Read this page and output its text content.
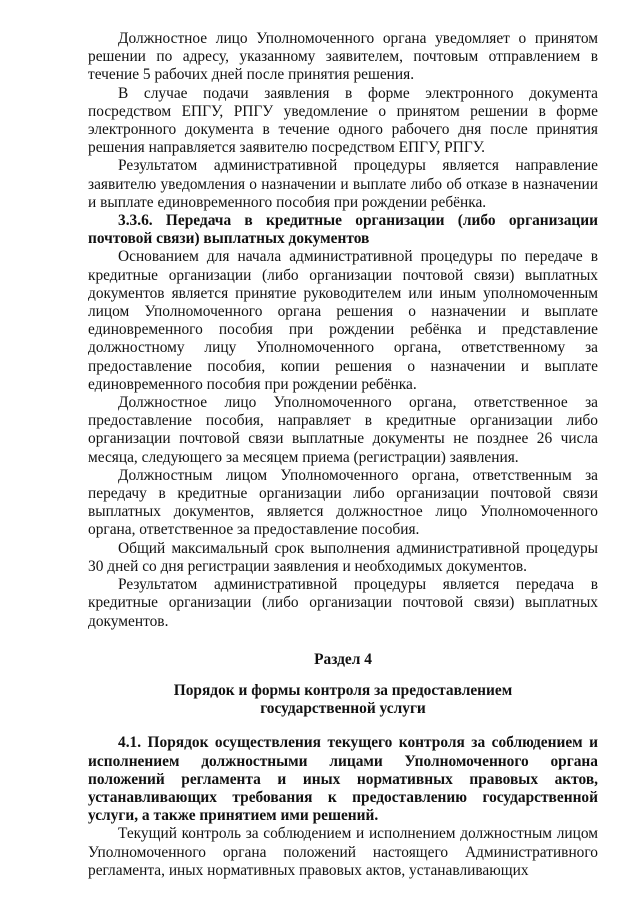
Должностное лицо Уполномоченного органа уведомляет о принятом решении по адресу, указанному заявителем, почтовым отправлением в течение 5 рабочих дней после принятия решения.

В случае подачи заявления в форме электронного документа посредством ЕПГУ, РПГУ уведомление о принятом решении в форме электронного документа в течение одного рабочего дня после принятия решения направляется заявителю посредством ЕПГУ, РПГУ.

Результатом административной процедуры является направление заявителю уведомления о назначении и выплате либо об отказе в назначении и выплате единовременного пособия при рождении ребёнка.

3.3.6. Передача в кредитные организации (либо организации почтовой связи) выплатных документов

Основанием для начала административной процедуры по передаче в кредитные организации (либо организации почтовой связи) выплатных документов является принятие руководителем или иным уполномоченным лицом Уполномоченного органа решения о назначении и выплате единовременного пособия при рождении ребёнка и представление должностному лицу Уполномоченного органа, ответственному за предоставление пособия, копии решения о назначении и выплате единовременного пособия при рождении ребёнка.

Должностное лицо Уполномоченного органа, ответственное за предоставление пособия, направляет в кредитные организации либо организации почтовой связи выплатные документы не позднее 26 числа месяца, следующего за месяцем приема (регистрации) заявления.

Должностным лицом Уполномоченного органа, ответственным за передачу в кредитные организации либо организации почтовой связи выплатных документов, является должностное лицо Уполномоченного органа, ответственное за предоставление пособия.

Общий максимальный срок выполнения административной процедуры 30 дней со дня регистрации заявления и необходимых документов.

Результатом административной процедуры является передача в кредитные организации (либо организации почтовой связи) выплатных документов.

Раздел 4

Порядок и формы контроля за предоставлением

государственной услуги

4.1. Порядок осуществления текущего контроля за соблюдением и исполнением должностными лицами Уполномоченного органа положений регламента и иных нормативных правовых актов, устанавливающих требования к предоставлению государственной услуги, а также принятием ими решений.

Текущий контроль за соблюдением и исполнением должностным лицом Уполномоченного органа положений настоящего Административного регламента, иных нормативных правовых актов, устанавливающих
